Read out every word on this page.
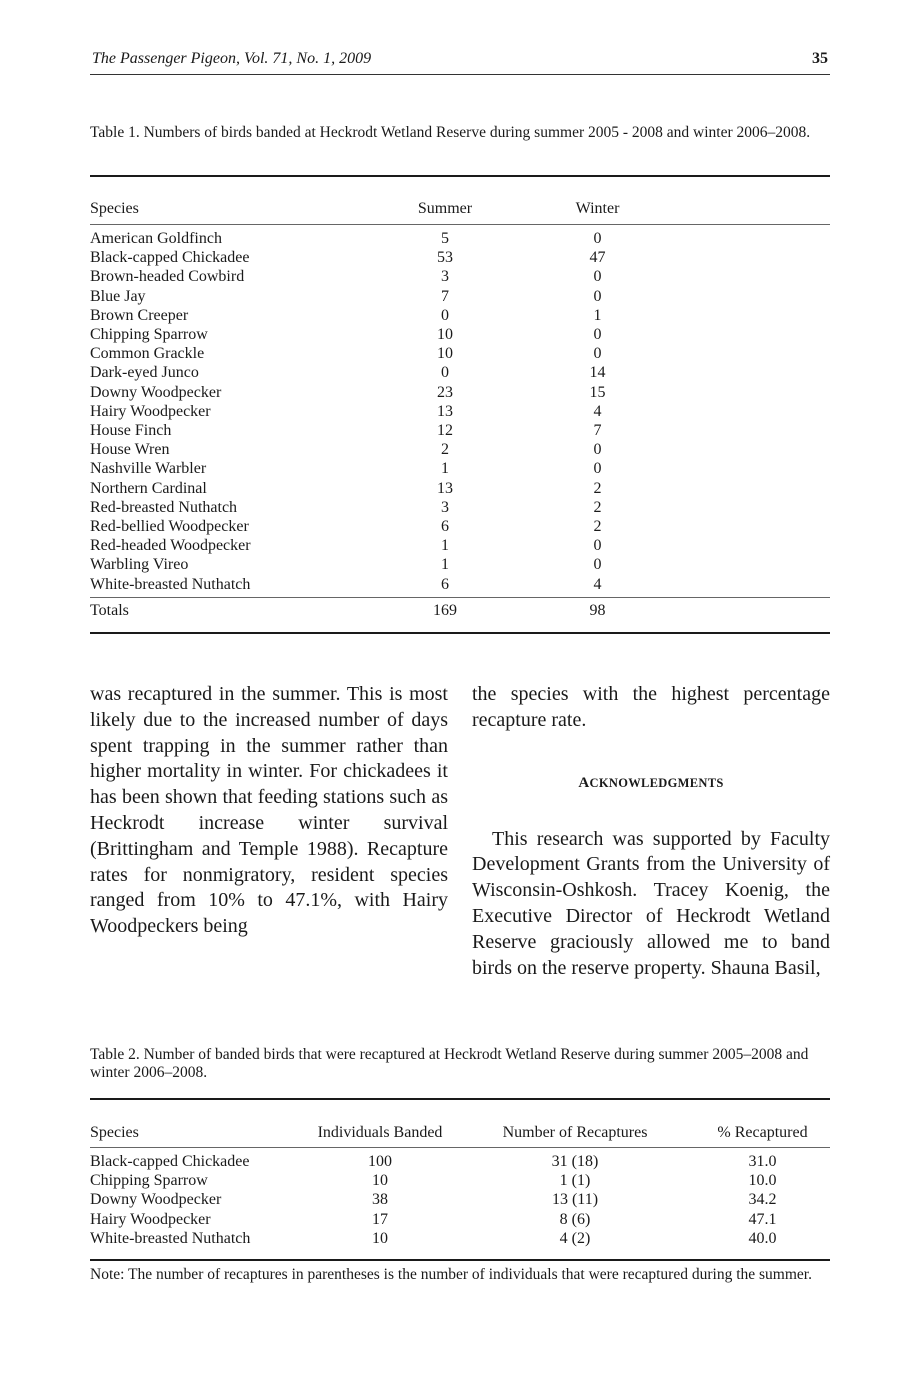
The Passenger Pigeon, Vol. 71, No. 1, 2009	35
Table 1. Numbers of birds banded at Heckrodt Wetland Reserve during summer 2005 - 2008 and winter 2006–2008.
Species	Summer	Winter
American Goldfinch	5	0
Black-capped Chickadee	53	47
Brown-headed Cowbird	3	0
Blue Jay	7	0
Brown Creeper	0	1
Chipping Sparrow	10	0
Common Grackle	10	0
Dark-eyed Junco	0	14
Downy Woodpecker	23	15
Hairy Woodpecker	13	4
House Finch	12	7
House Wren	2	0
Nashville Warbler	1	0
Northern Cardinal	13	2
Red-breasted Nuthatch	3	2
Red-bellied Woodpecker	6	2
Red-headed Woodpecker	1	0
Warbling Vireo	1	0
White-breasted Nuthatch	6	4
Totals	169	98

was recaptured in the summer. This is most likely due to the increased number of days spent trapping in the summer rather than higher mortality in winter. For chickadees it has been shown that feeding stations such as Heckrodt increase winter survival (Brittingham and Temple 1988). Recapture rates for nonmigratory, resident species ranged from 10% to 47.1%, with Hairy Woodpeckers being

the species with the highest percentage recapture rate.

ACKNOWLEDGMENTS

This research was supported by Faculty Development Grants from the University of Wisconsin-Oshkosh. Tracey Koenig, the Executive Director of Heckrodt Wetland Reserve graciously allowed me to band birds on the reserve property. Shauna Basil,

Table 2. Number of banded birds that were recaptured at Heckrodt Wetland Reserve during summer 2005–2008 and winter 2006–2008.
Species	Individuals Banded	Number of Recaptures	% Recaptured
Black-capped Chickadee	100	31 (18)	31.0
Chipping Sparrow	10	1 (1)	10.0
Downy Woodpecker	38	13 (11)	34.2
Hairy Woodpecker	17	8 (6)	47.1
White-breasted Nuthatch	10	4 (2)	40.0
Note: The number of recaptures in parentheses is the number of individuals that were recaptured during the summer.
